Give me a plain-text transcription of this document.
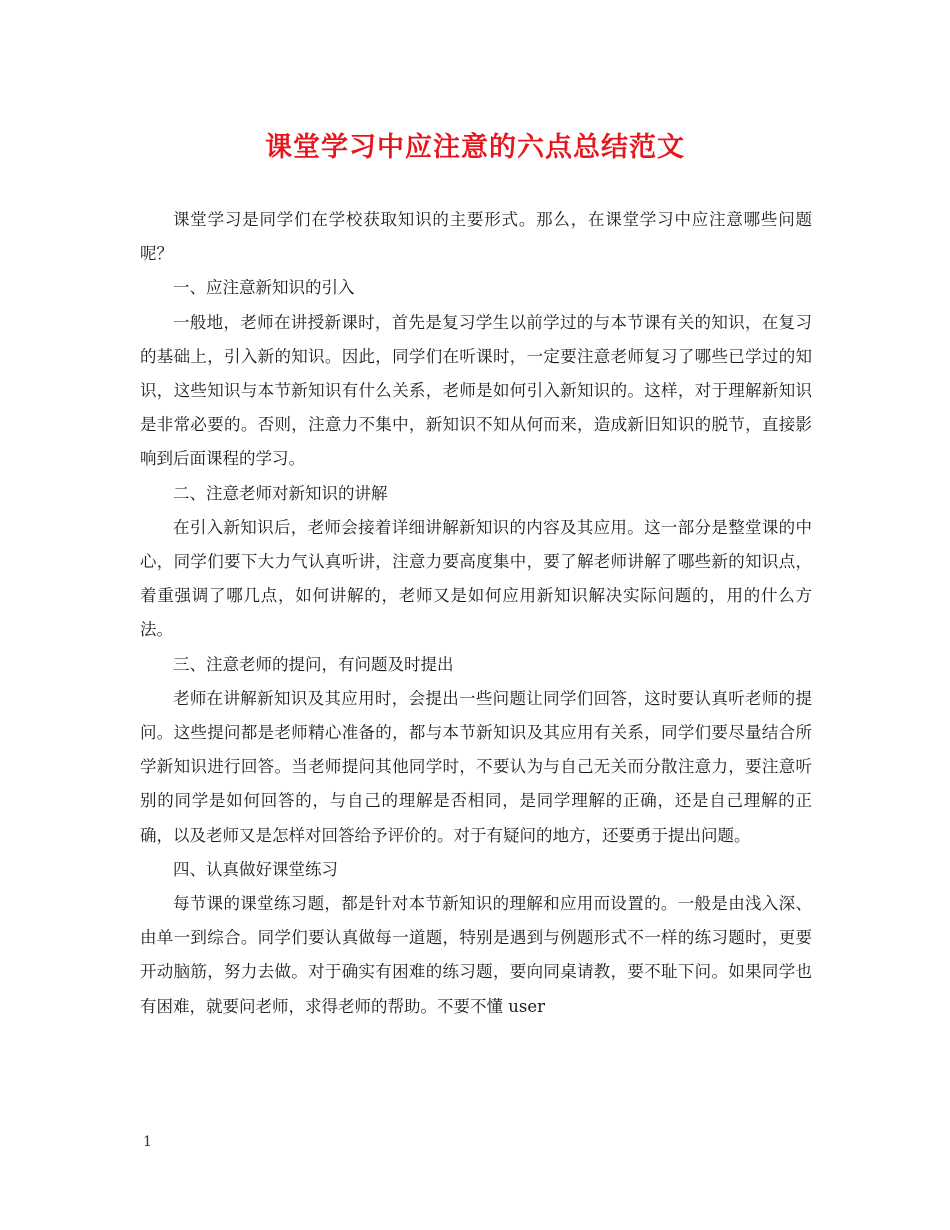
课堂学习中应注意的六点总结范文

课堂学习是同学们在学校获取知识的主要形式。那么，在课堂学习中应注意哪些问题呢？

一、应注意新知识的引入

一般地，老师在讲授新课时，首先是复习学生以前学过的与本节课有关的知识，在复习的基础上，引入新的知识。因此，同学们在听课时，一定要注意老师复习了哪些已学过的知识，这些知识与本节新知识有什么关系，老师是如何引入新知识的。这样，对于理解新知识是非常必要的。否则，注意力不集中，新知识不知从何而来，造成新旧知识的脱节，直接影响到后面课程的学习。

二、注意老师对新知识的讲解

在引入新知识后，老师会接着详细讲解新知识的内容及其应用。这一部分是整堂课的中心，同学们要下大力气认真听讲，注意力要高度集中，要了解老师讲解了哪些新的知识点，着重强调了哪几点，如何讲解的，老师又是如何应用新知识解决实际问题的，用的什么方法。

三、注意老师的提问，有问题及时提出

老师在讲解新知识及其应用时，会提出一些问题让同学们回答，这时要认真听老师的提问。这些提问都是老师精心准备的，都与本节新知识及其应用有关系，同学们要尽量结合所学新知识进行回答。当老师提问其他同学时，不要认为与自己无关而分散注意力，要注意听别的同学是如何回答的，与自己的理解是否相同，是同学理解的正确，还是自己理解的正确，以及老师又是怎样对回答给予评价的。对于有疑问的地方，还要勇于提出问题。

四、认真做好课堂练习

每节课的课堂练习题，都是针对本节新知识的理解和应用而设置的。一般是由浅入深、由单一到综合。同学们要认真做每一道题，特别是遇到与例题形式不一样的练习题时，更要开动脑筋，努力去做。对于确实有困难的练习题，要向同桌请教，要不耻下问。如果同学也有困难，就要问老师，求得老师的帮助。不要不懂 user

1
